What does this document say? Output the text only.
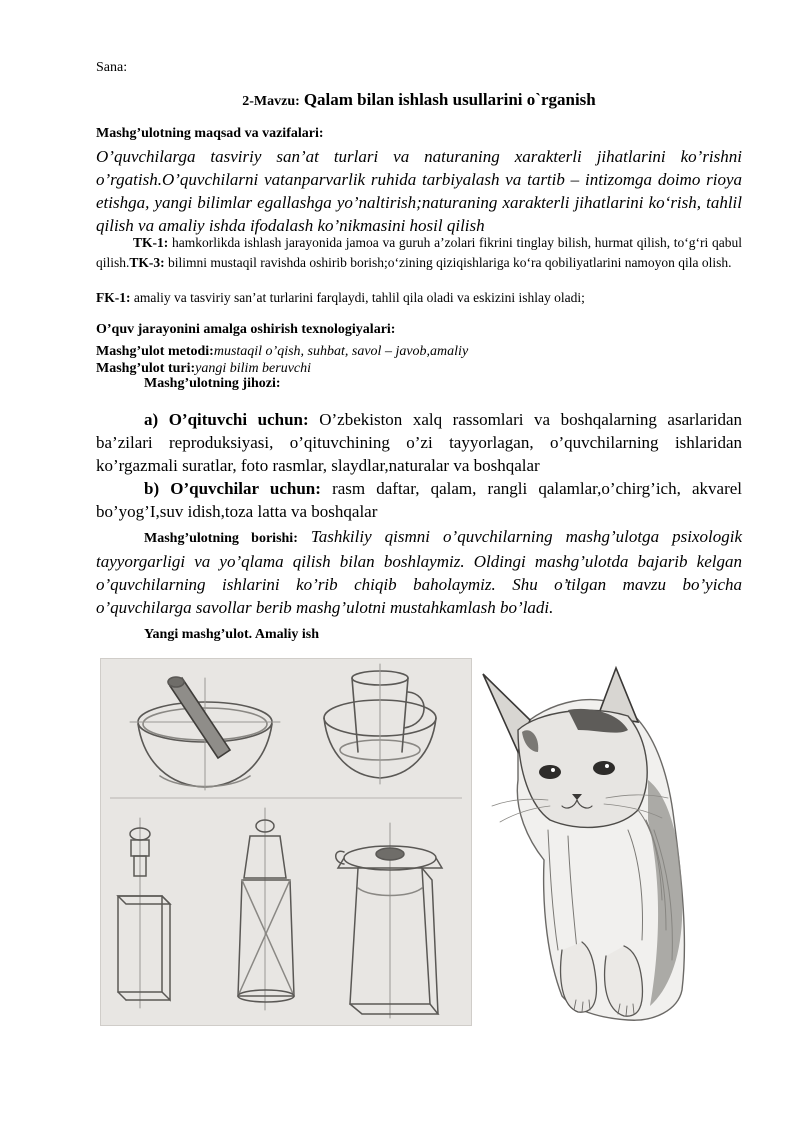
Sana:
2-Mavzu: Qalam bilan ishlash usullarini o`rganish
Mashg’ulotning maqsad va vazifalari:
O’quvchilarga tasviriy san’at turlari va naturaning xarakterli jihatlarini ko’rishni o’rgatish.O’quvchilarni vatanparvarlik ruhida tarbiyalash va tartib – intizomga doimo rioya etishga, yangi bilimlar egallashga yo’naltirish;naturaning xarakterli jihatlarini ko‘rish, tahlil qilish va amaliy ishda ifodalash ko’nikmasini hosil qilish
TK-1: hamkorlikda ishlash jarayonida jamoa va guruh a’zolari fikrini tinglay bilish, hurmat qilish, to‘g‘ri qabul qilish.TK-3: bilimni mustaqil ravishda oshirib borish;o‘zining qiziqishlariga ko‘ra qobiliyatlarini namoyon qila olish.
FK-1: amaliy va tasviriy san’at turlarini farqlaydi, tahlil qila oladi va eskizini ishlay oladi;
O’quv jarayonini amalga oshirish texnologiyalari:
Mashg’ulot metodi:mustaqil o’qish, suhbat, savol – javob,amaliy
Mashg’ulot turi:yangi bilim beruvchi
Mashg’ulotning jihozi:
a) O’qituvchi uchun: O’zbekiston xalq rassomlari va boshqalarning asarlaridan ba’zilari reproduksiyasi, o’qituvchining o’zi tayyorlagan, o’quvchilarning ishlaridan ko’rgazmali suratlar, foto rasmlar, slaydlar,naturalar va boshqalar
b) O’quvchilar uchun: rasm daftar, qalam, rangli qalamlar,o’chirg’ich, akvarel bo’yog’I,suv idish,toza latta va boshqalar
Mashg’ulotning borishi: Tashkiliy qismni o’quvchilarning mashg’ulotga psixologik tayyorgarligi va yo’qlama qilish bilan boshlaymiz. Oldingi mashg’ulotda bajarib kelgan o’quvchilarning ishlarini ko’rib chiqib baholaymiz. Shu o’tilgan mavzu bo’yicha o’quvchilarga savollar berib mashg’ulotni mustahkamlash bo’ladi.
Yangi mashg’ulot. Amaliy ish
